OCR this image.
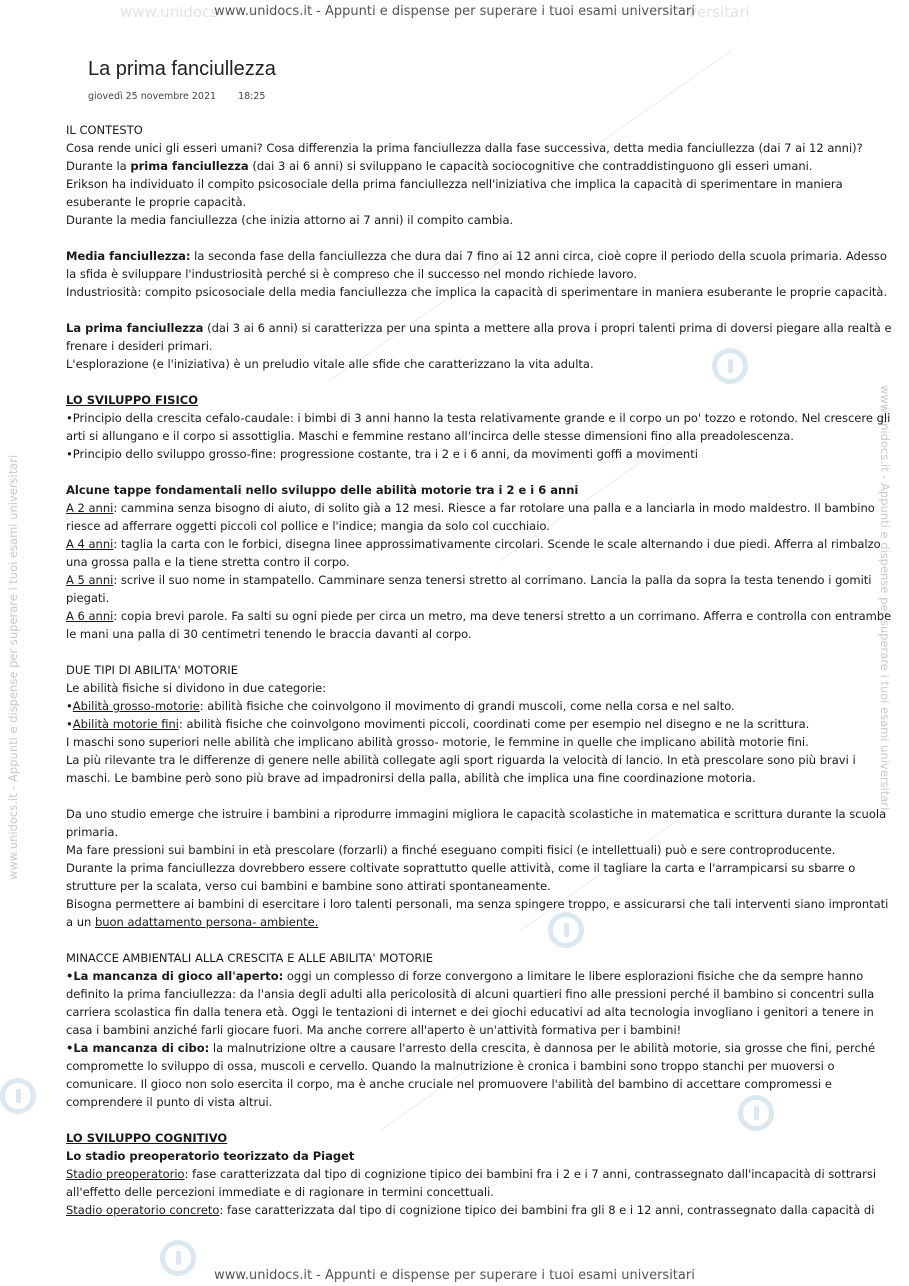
www.unidocs	versitari
www.unidocs.it - Appunti e dispense per superare i tuoi esami universitari
www.unidocs.it - Appunti e dispense per superare i tuoi esami universitari
www.unidocs.it - Appunti e dispense per superare i tuoi esami universitari	www.unidocs.it - Appunti e dispense per superare i tuoi esami universitari
La prima fanciullezza
giovedì 25 novembre 2021 18:25

IL CONTESTO

Cosa rende unici gli esseri umani? Cosa differenzia la prima fanciullezza dalla fase successiva, detta media fanciullezza (dai 7 ai 12 anni)?

Durante la prima fanciullezza (dai 3 ai 6 anni) si sviluppano le capacità sociocognitive che contraddistinguono gli esseri umani.

Erikson ha individuato il compito psicosociale della prima fanciullezza nell'iniziativa che implica la capacità di sperimentare in maniera esuberante le proprie capacità.

Durante la media fanciullezza (che inizia attorno ai 7 anni) il compito cambia.

Media fanciullezza: la seconda fase della fanciullezza che dura dai 7 fino ai 12 anni circa, cioè copre il periodo della scuola primaria. Adesso la sfida è sviluppare l'industriosità perché si è compreso che il successo nel mondo richiede lavoro.

Industriosità: compito psicosociale della media fanciullezza che implica la capacità di sperimentare in maniera esuberante le proprie capacità.

La prima fanciullezza (dai 3 ai 6 anni) si caratterizza per una spinta a mettere alla prova i propri talenti prima di doversi piegare alla realtà e frenare i desideri primari.

L'esplorazione (e l'iniziativa) è un preludio vitale alle sfide che caratterizzano la vita adulta.

LO SVILUPPO FISICO

•Principio della crescita cefalo-caudale: i bimbi di 3 anni hanno la testa relativamente grande e il corpo un po' tozzo e rotondo. Nel crescere gli arti si allungano e il corpo si assottiglia. Maschi e femmine restano all'incirca delle stesse dimensioni fino alla preadolescenza.

•Principio dello sviluppo grosso-fine: progressione costante, tra i 2 e i 6 anni, da movimenti goffi a movimenti

Alcune tappe fondamentali nello sviluppo delle abilità motorie tra i 2 e i 6 anni

A 2 anni: cammina senza bisogno di aiuto, di solito già a 12 mesi. Riesce a far rotolare una palla e a lanciarla in modo maldestro. Il bambino riesce ad afferrare oggetti piccoli col pollice e l'indice; mangia da solo col cucchiaio.

A 4 anni: taglia la carta con le forbici, disegna linee approssimativamente circolari. Scende le scale alternando i due piedi. Afferra al rimbalzo una grossa palla e la tiene stretta contro il corpo.

A 5 anni: scrive il suo nome in stampatello. Camminare senza tenersi stretto al corrimano. Lancia la palla da sopra la testa tenendo i gomiti piegati.

A 6 anni: copia brevi parole. Fa salti su ogni piede per circa un metro, ma deve tenersi stretto a un corrimano. Afferra e controlla con entrambe le mani una palla di 30 centimetri tenendo le braccia davanti al corpo.

DUE TIPI DI ABILITA' MOTORIE

Le abilità fisiche si dividono in due categorie:

•Abilità grosso-motorie: abilità fisiche che coinvolgono il movimento di grandi muscoli, come nella corsa e nel salto.

•Abilità motorie fini: abilità fisiche che coinvolgono movimenti piccoli, coordinati come per esempio nel disegno e ne la scrittura.

I maschi sono superiori nelle abilità che implicano abilità grosso- motorie, le femmine in quelle che implicano abilità motorie fini.

La più rilevante tra le differenze di genere nelle abilità collegate agli sport riguarda la velocità di lancio. In età prescolare sono più bravi i maschi. Le bambine però sono più brave ad impadronirsi della palla, abilità che implica una fine coordinazione motoria.

Da uno studio emerge che istruire i bambini a riprodurre immagini migliora le capacità scolastiche in matematica e scrittura durante la scuola primaria.

Ma fare pressioni sui bambini in età prescolare (forzarli) a finché eseguano compiti fisici (e intellettuali) può e sere controproducente.

Durante la prima fanciullezza dovrebbero essere coltivate soprattutto quelle attività, come il tagliare la carta e l'arrampicarsi su sbarre o strutture per la scalata, verso cui bambini e bambine sono attirati spontaneamente.

Bisogna permettere ai bambini di esercitare i loro talenti personali, ma senza spingere troppo, e assicurarsi che tali interventi siano improntati a un buon adattamento persona- ambiente.

MINACCE AMBIENTALI ALLA CRESCITA E ALLE ABILITA' MOTORIE

•La mancanza di gioco all'aperto: oggi un complesso di forze convergono a limitare le libere esplorazioni fisiche che da sempre hanno definito la prima fanciullezza: da l'ansia degli adulti alla pericolosità di alcuni quartieri fino alle pressioni perché il bambino si concentri sulla carriera scolastica fin dalla tenera età. Oggi le tentazioni di internet e dei giochi educativi ad alta tecnologia invogliano i genitori a tenere in casa i bambini anziché farli giocare fuori. Ma anche correre all'aperto è un'attività formativa per i bambini!

•La mancanza di cibo: la malnutrizione oltre a causare l'arresto della crescita, è dannosa per le abilità motorie, sia grosse che fini, perché compromette lo sviluppo di ossa, muscoli e cervello. Quando la malnutrizione è cronica i bambini sono troppo stanchi per muoversi o comunicare. Il gioco non solo esercita il corpo, ma è anche cruciale nel promuovere l'abilità del bambino di accettare compromessi e comprendere il punto di vista altrui.

LO SVILUPPO COGNITIVO

Lo stadio preoperatorio teorizzato da Piaget

Stadio preoperatorio: fase caratterizzata dal tipo di cognizione tipico dei bambini fra i 2 e i 7 anni, contrassegnato dall'incapacità di sottrarsi all'effetto delle percezioni immediate e di ragionare in termini concettuali.

Stadio operatorio concreto: fase caratterizzata dal tipo di cognizione tipico dei bambini fra gli 8 e i 12 anni, contrassegnato dalla capacità di
